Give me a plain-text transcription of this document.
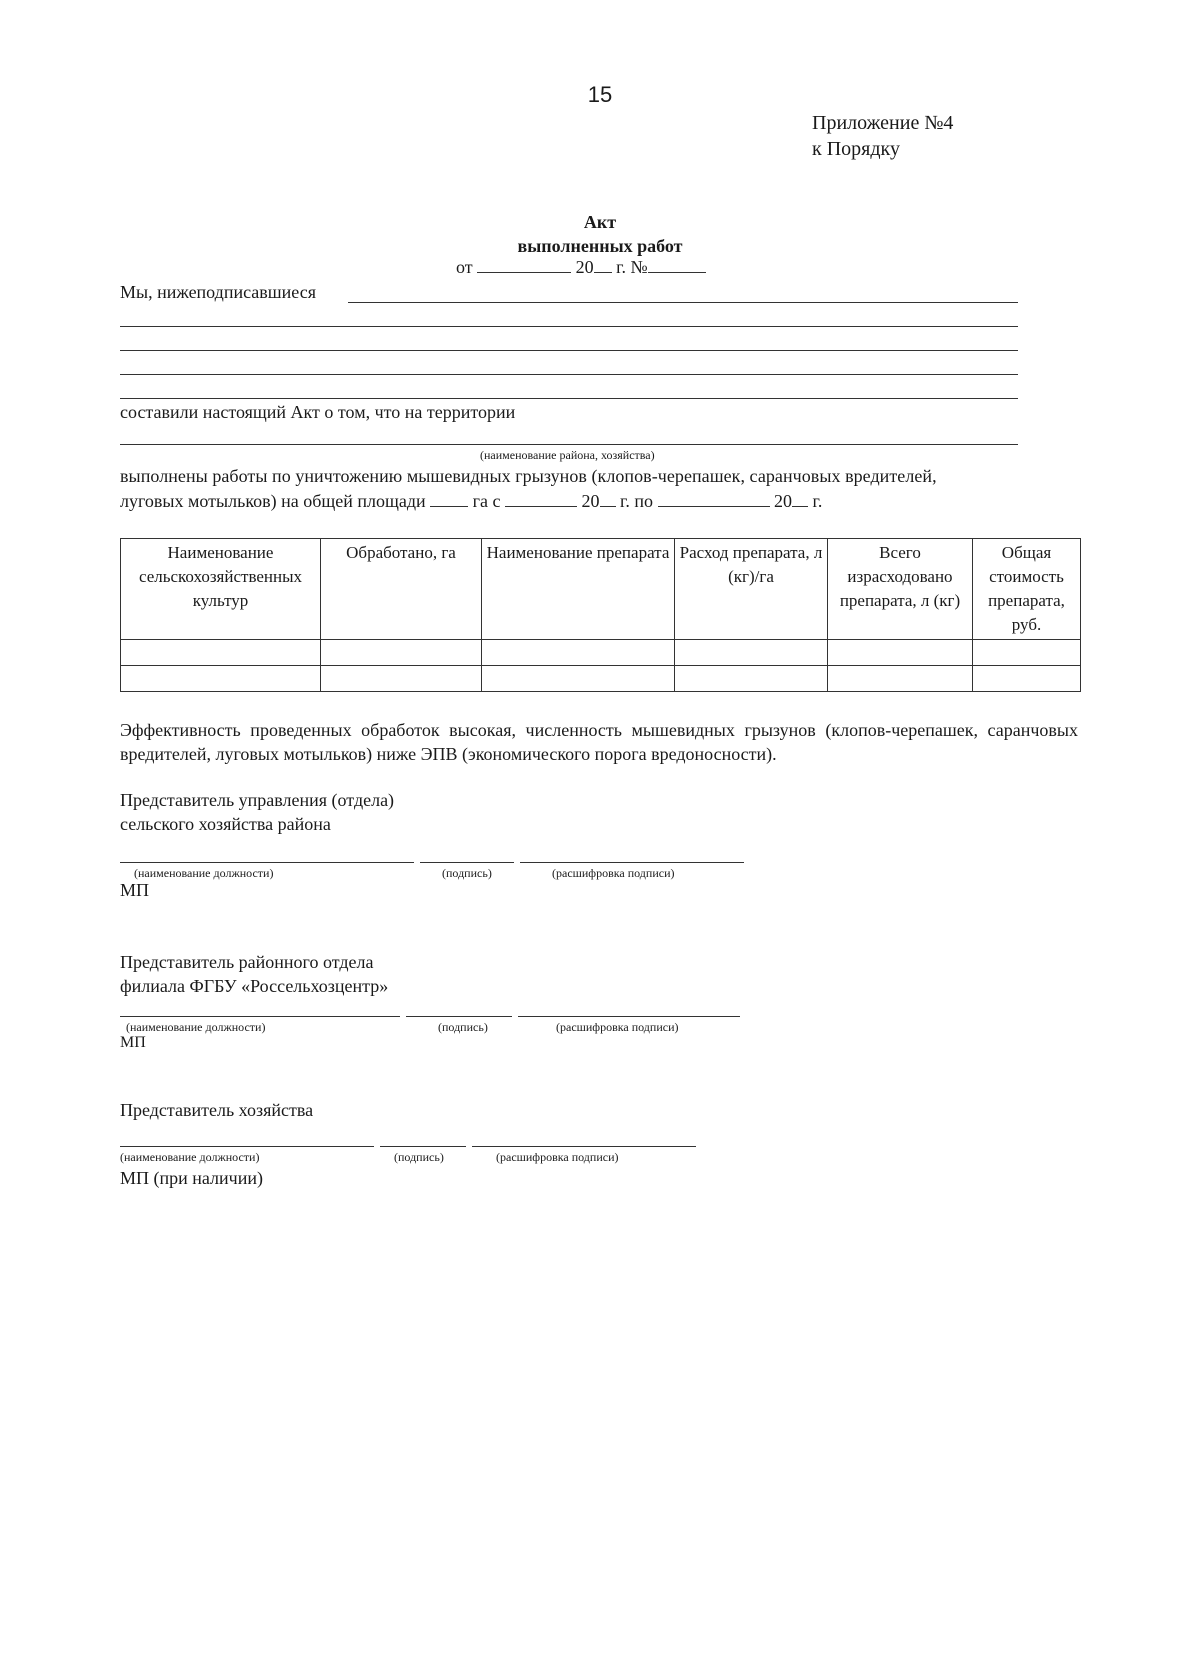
15
Приложение №4
к Порядку
Акт
выполненных работ
от	20 г. №
Мы, нижеподписавшиеся
составили настоящий Акт о том, что на территории
(наименование района, хозяйства)
выполнены работы по уничтожению мышевидных грызунов (клопов-черепашек, саранчовых вредителей,
луговых мотыльков) на общей площади	га с	20 г. по	20 г.
Наименование сельскохозяйственных культур	Обработано, га	Наименование препарата	Расход препарата, л (кг)/га	Всего израсходовано препарата, л (кг)	Общая стоимость препарата, руб.

Эффективность проведенных обработок высокая, численность мышевидных грызунов (клопов-черепашек, саранчовых вредителей, луговых мотыльков) ниже ЭПВ (экономического порога вредоносности).
Представитель управления (отдела)
сельского хозяйства района
(наименование должности)	(подпись)	(расшифровка подписи)
МП
Представитель районного отдела
филиала ФГБУ «Россельхозцентр»
(наименование должности)	(подпись)	(расшифровка подписи)
МП
Представитель хозяйства
(наименование должности)	(подпись)	(расшифровка подписи)
МП (при наличии)
